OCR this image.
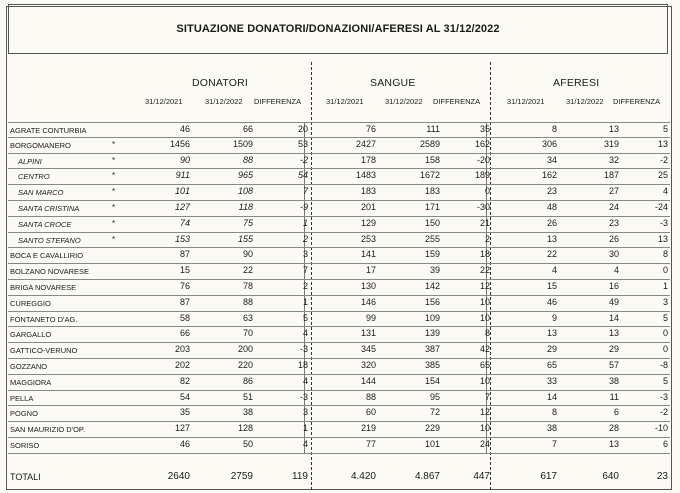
SITUAZIONE DONATORI/DONAZIONI/AFERESI AL 31/12/2022
DONATORI	SANGUE	AFERESI
31/12/2021	31/12/2022 DIFFERENZA	31/12/2021	31/12/2022 DIFFERENZA	31/12/2021	31/12/2022 DIFFERENZA
AGRATE CONTURBIA	46	66	20	76	111	35	8	13	5
BORGOMANERO	*	1456	1509	53	2427	2589	162	306	319	13
ALPINI	*	90	88	-2	178	158	-20	34	32	-2
CENTRO	*	911	965	54	1483	1672	189	162	187	25
SAN MARCO	*	101	108	7	183	183	0	23	27	4
SANTA CRISTINA	*	127	118	-9	201	171	-30	48	24	-24
SANTA CROCE	*	74	75	1	129	150	21	26	23	-3
SANTO STEFANO	*	153	155	2	253	255	2	13	26	13
BOCA E CAVALLIRIO	87	90	3	141	159	18	22	30	8
BOLZANO NOVARESE	15	22	7	17	39	22	4	4	0
BRIGA NOVARESE	76	78	2	130	142	12	15	16	1
CUREGGIO	87	88	1	146	156	10	46	49	3
FONTANETO D'AG.	58	63	5	99	109	10	9	14	5
GARGALLO	66	70	4	131	139	8	13	13	0
GATTICO-VERUNO	203	200	-3	345	387	42	29	29	0
GOZZANO	202	220	18	320	385	65	65	57	-8
MAGGIORA	82	86	4	144	154	10	33	38	5
PELLA	54	51	-3	88	95	7	14	11	-3
POGNO	35	38	3	60	72	12	8	6	-2
SAN MAURIZIO D'OP.	127	128	1	219	229	10	38	28	-10
SORISO	46	50	4	77	101	24	7	13	6
TOTALI	2640	2759	119	4.420	4.867	447	617	640	23
